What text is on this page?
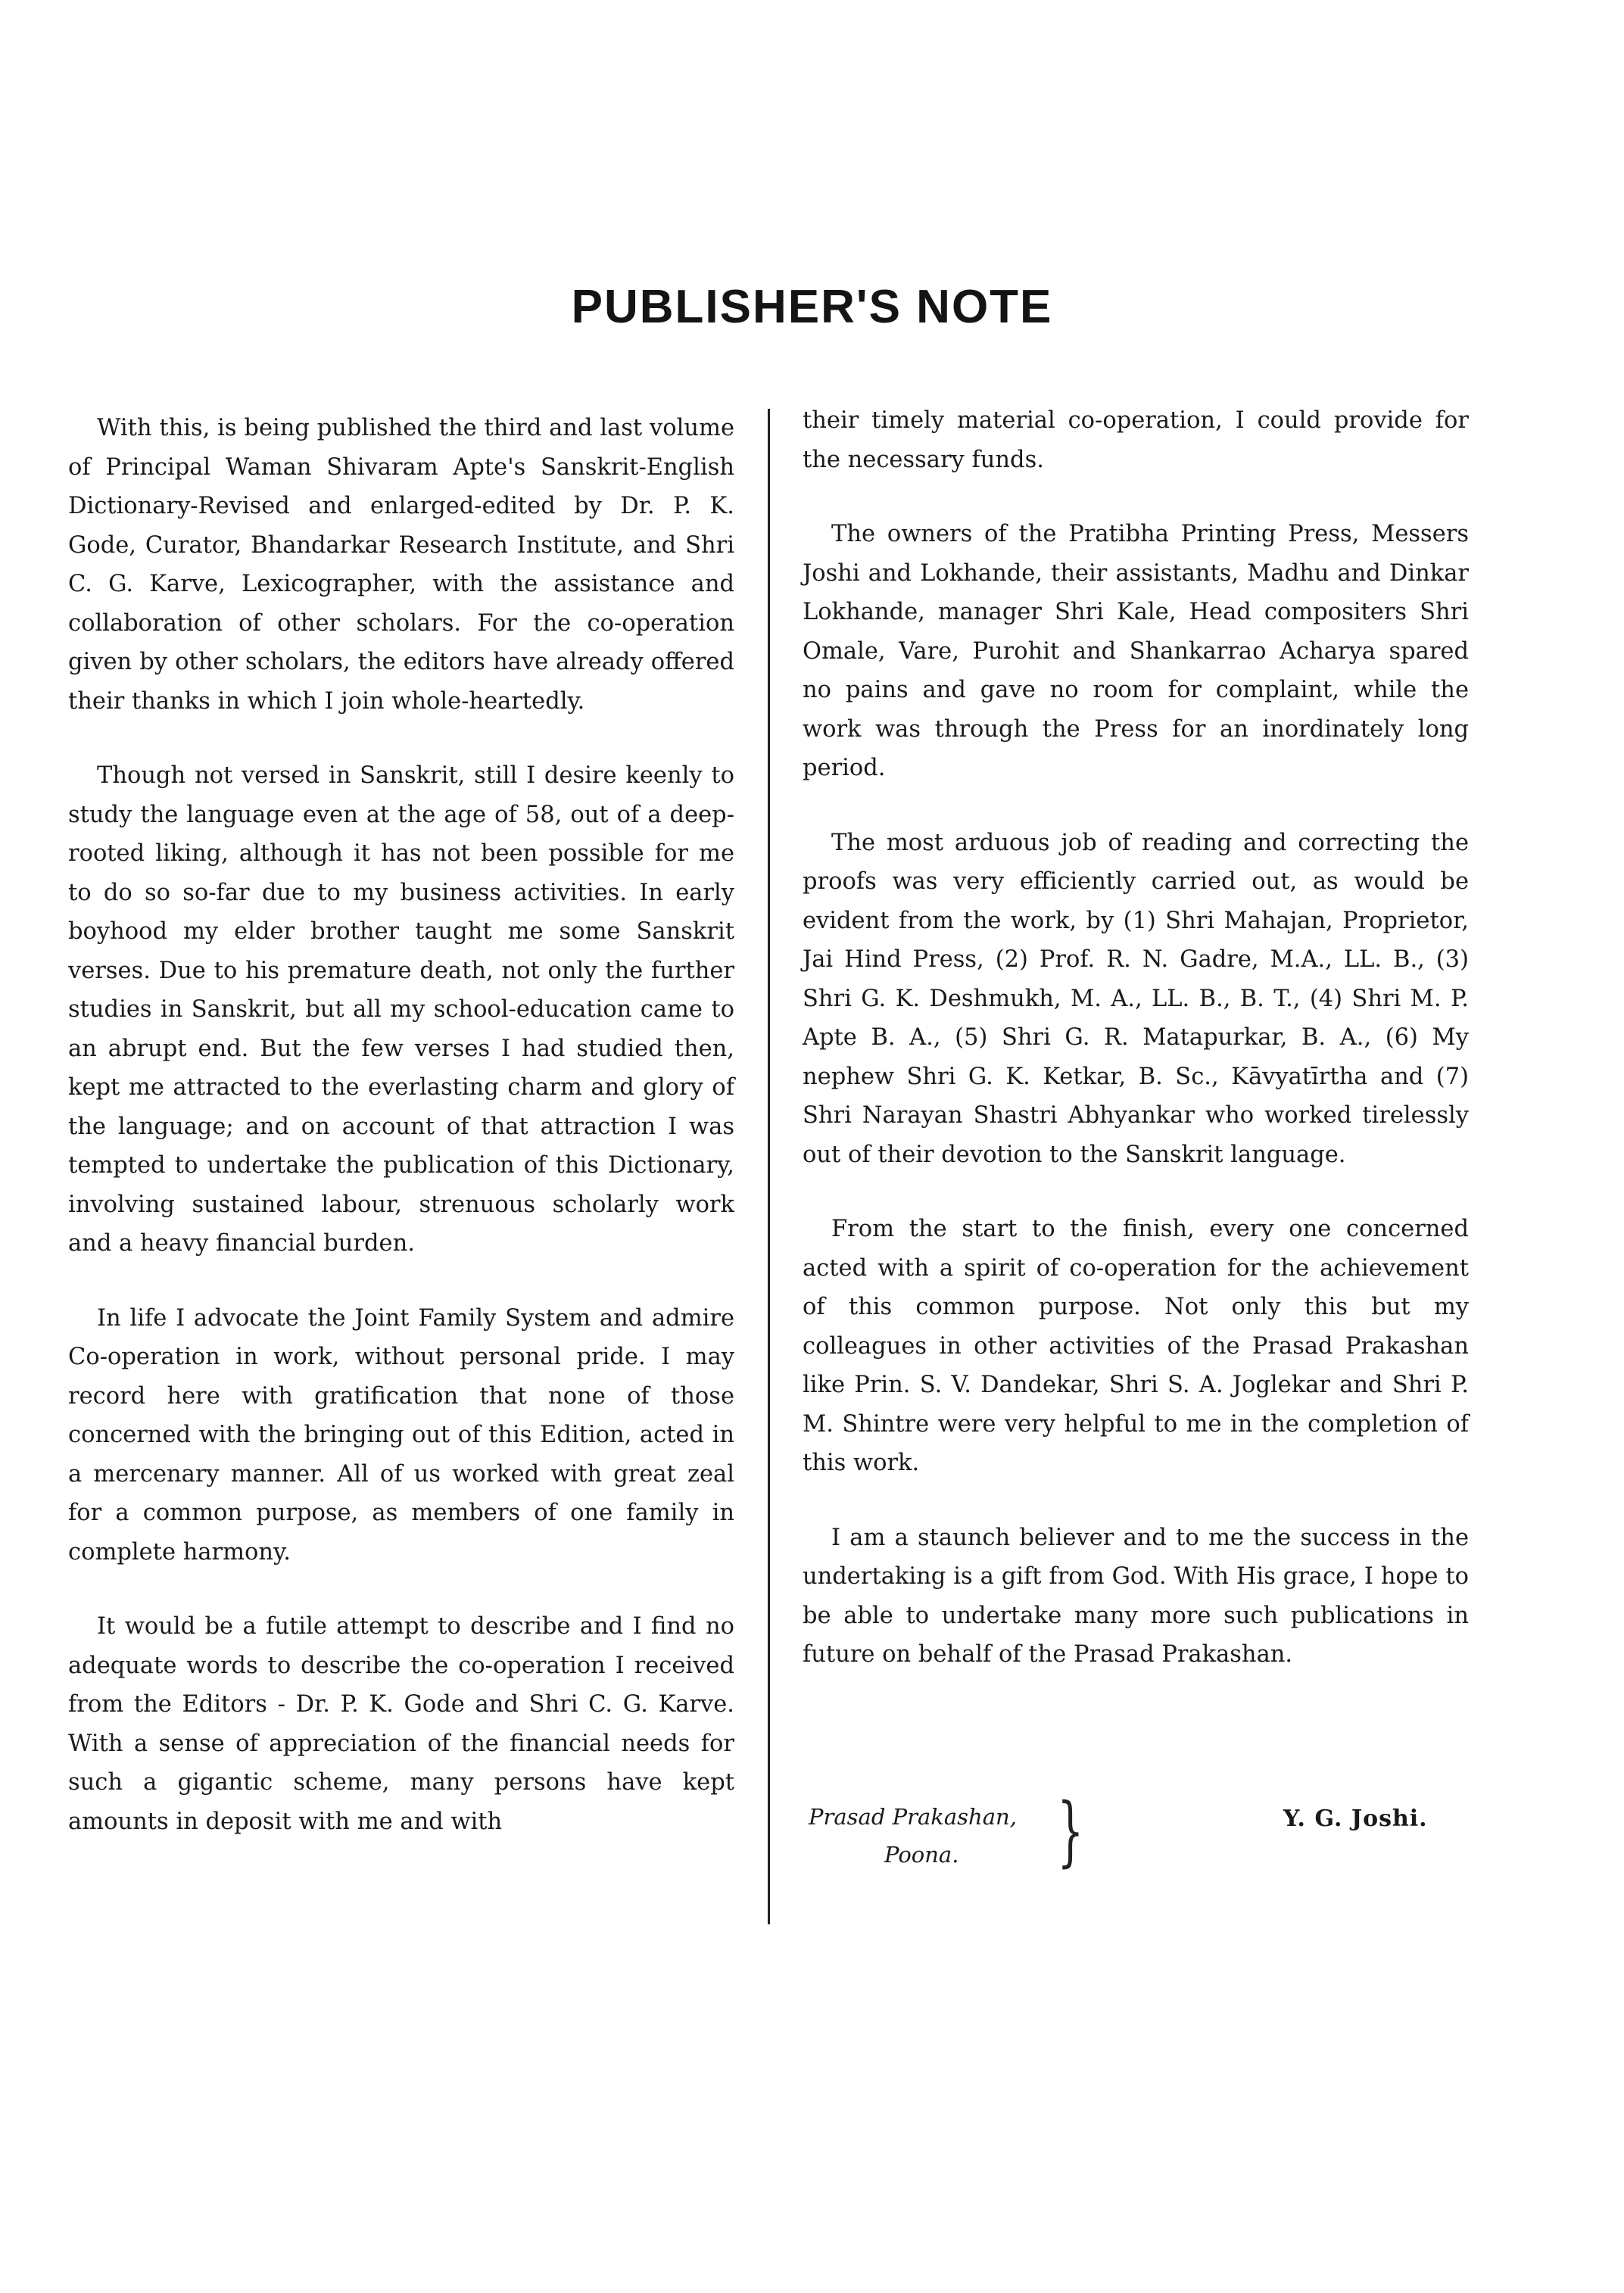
PUBLISHER'S NOTE

With this, is being published the third and last volume of Principal Waman Shivaram Apte's Sanskrit-English Dictionary-Revised and enlarged-edited by Dr. P. K. Gode, Curator, Bhandarkar Research Institute, and Shri C. G. Karve, Lexicographer, with the assistance and collaboration of other scholars. For the co-operation given by other scholars, the editors have already offered their thanks in which I join whole-heartedly.

Though not versed in Sanskrit, still I desire keenly to study the language even at the age of 58, out of a deep-rooted liking, although it has not been possible for me to do so so-far due to my business activities. In early boyhood my elder brother taught me some Sanskrit verses. Due to his premature death, not only the further studies in Sanskrit, but all my school-education came to an abrupt end. But the few verses I had studied then, kept me attracted to the everlasting charm and glory of the language; and on account of that attraction I was tempted to undertake the publication of this Dictionary, involving sustained labour, strenuous scholarly work and a heavy financial burden.

In life I advocate the Joint Family System and admire Co-operation in work, without personal pride. I may record here with gratification that none of those concerned with the bringing out of this Edition, acted in a mercenary manner. All of us worked with great zeal for a common purpose, as members of one family in complete harmony.

It would be a futile attempt to describe and I find no adequate words to describe the co-operation I received from the Editors - Dr. P. K. Gode and Shri C. G. Karve. With a sense of appreciation of the financial needs for such a gigantic scheme, many persons have kept amounts in deposit with me and with

their timely material co-operation, I could provide for the necessary funds.

The owners of the Pratibha Printing Press, Messers Joshi and Lokhande, their assistants, Madhu and Dinkar Lokhande, manager Shri Kale, Head compositers Shri Omale, Vare, Purohit and Shankarrao Acharya spared no pains and gave no room for complaint, while the work was through the Press for an inordinately long period.

The most arduous job of reading and correcting the proofs was very efficiently carried out, as would be evident from the work, by (1) Shri Mahajan, Proprietor, Jai Hind Press, (2) Prof. R. N. Gadre, M.A., LL. B., (3) Shri G. K. Deshmukh, M. A., LL. B., B. T., (4) Shri M. P. Apte B. A., (5) Shri G. R. Matapurkar, B. A., (6) My nephew Shri G. K. Ketkar, B. Sc., Kāvyatīrtha and (7) Shri Narayan Shastri Abhyankar who worked tirelessly out of their devotion to the Sanskrit language.

From the start to the finish, every one concerned acted with a spirit of co-operation for the achievement of this common purpose. Not only this but my colleagues in other activities of the Prasad Prakashan like Prin. S. V. Dandekar, Shri S. A. Joglekar and Shri P. M. Shintre were very helpful to me in the completion of this work.

I am a staunch believer and to me the success in the undertaking is a gift from God. With His grace, I hope to be able to undertake many more such publications in future on behalf of the Prasad Prakashan.

Prasad Prakashan,
Poona.	}	Y. G. Joshi.
